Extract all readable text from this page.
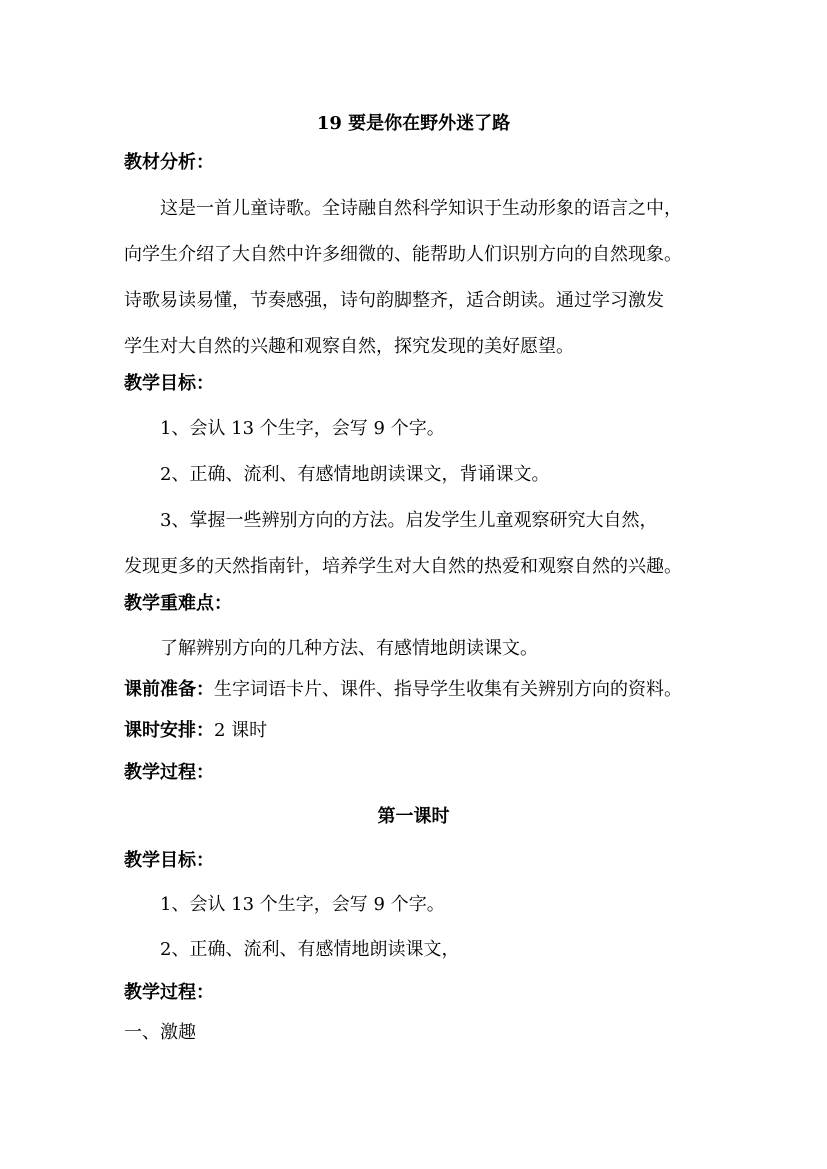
19 要是你在野外迷了路
教材分析：
这是一首儿童诗歌。全诗融自然科学知识于生动形象的语言之中，
向学生介绍了大自然中许多细微的、能帮助人们识别方向的自然现象。
诗歌易读易懂，节奏感强，诗句韵脚整齐，适合朗读。通过学习激发
学生对大自然的兴趣和观察自然，探究发现的美好愿望。
教学目标：
1、会认 13 个生字，会写 9 个字。
2、正确、流利、有感情地朗读课文，背诵课文。
3、掌握一些辨别方向的方法。启发学生儿童观察研究大自然，
发现更多的天然指南针，培养学生对大自然的热爱和观察自然的兴趣。
教学重难点：
了解辨别方向的几种方法、有感情地朗读课文。
课前准备：生字词语卡片、课件、指导学生收集有关辨别方向的资料。
课时安排：2 课时
教学过程：
第一课时
教学目标：
1、会认 13 个生字，会写 9 个字。
2、正确、流利、有感情地朗读课文，
教学过程：
一、激趣
